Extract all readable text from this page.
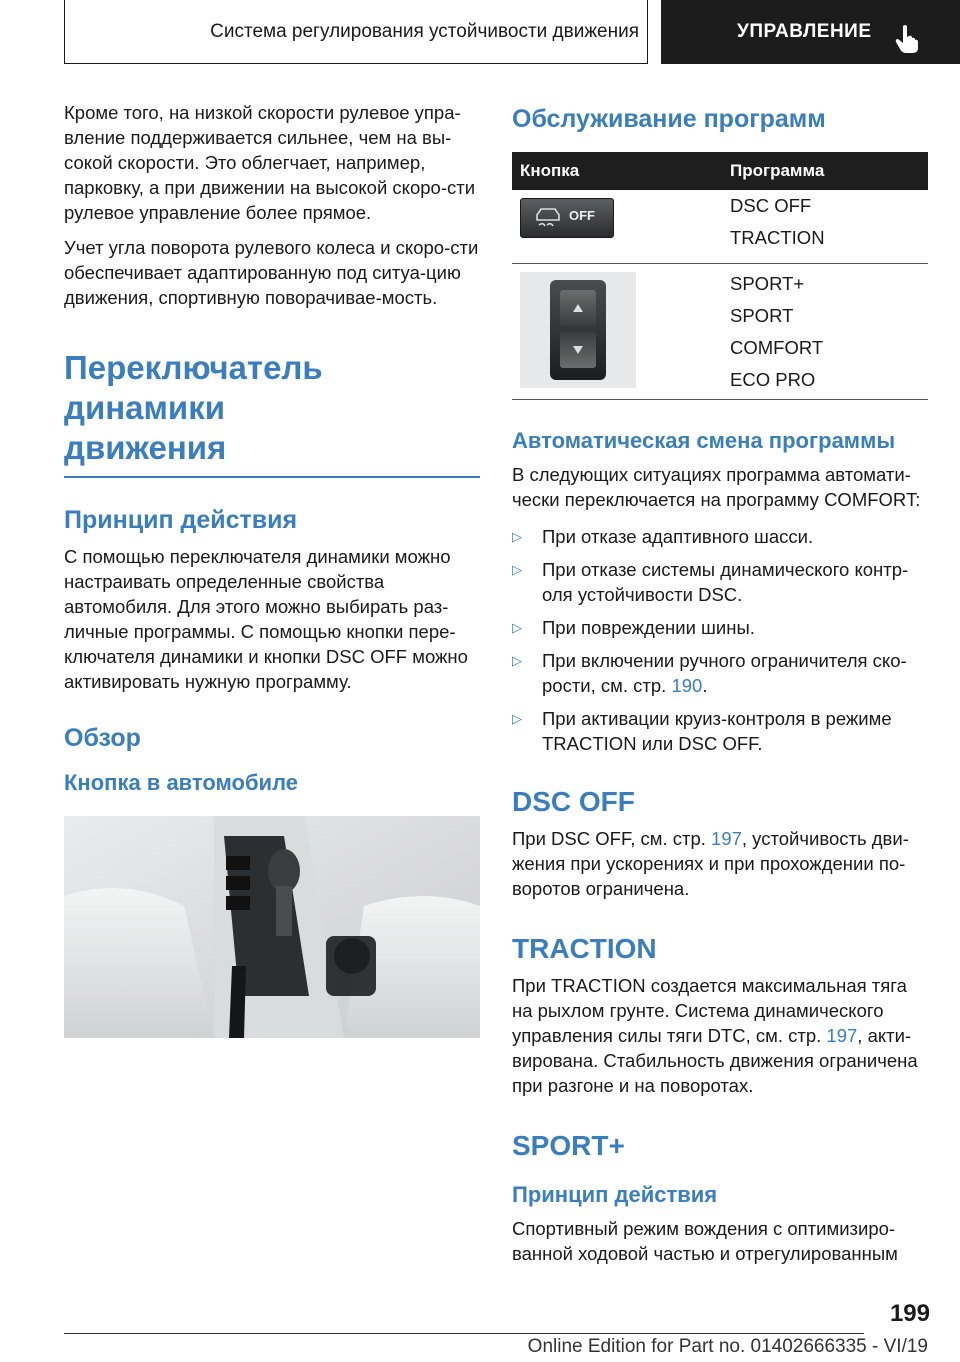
Система регулирования устойчивости движения	УПРАВЛЕНИЕ

Кроме того, на низкой скорости рулевое упра-вление поддерживается сильнее, чем на вы-сокой скорости. Это облегчает, например, парковку, а при движении на высокой скоро-сти рулевое управление более прямое.

Учет угла поворота рулевого колеса и скоро-сти обеспечивает адаптированную под ситуа-цию движения, спортивную поворачивае-мость.

Переключатель динамики
движения
Принцип действия

С помощью переключателя динамики можно настраивать определенные свойства автомобиля. Для этого можно выбирать раз-личные программы. С помощью кнопки пере-ключателя динамики и кнопки DSC OFF можно активировать нужную программу.

Обзор
Кнопка в автомобиле
Обслуживание программ
Кнопка	Программа

OFF	DSC OFF
TRACTION

SPORT+
SPORT
COMFORT
ECO PRO
Автоматическая смена программы

В следующих ситуациях программа автомати-чески переключается на программу COMFORT:

▷	При отказе адаптивного шасси.
▷	При отказе системы динамического контр-оля устойчивости DSC.
▷	При повреждении шины.
▷	При включении ручного ограничителя ско-рости, см. стр. 190.
▷	При активации круиз-контроля в режиме TRACTION или DSC OFF.
DSC OFF

При DSC OFF, см. стр. 197, устойчивость дви-жения при ускорениях и при прохождении по-воротов ограничена.

TRACTION

При TRACTION создается максимальная тяга на рыхлом грунте. Система динамического управления силы тяги DTC, см. стр. 197, акти-вирована. Стабильность движения ограничена при разгоне и на поворотах.

SPORT+
Принцип действия

Спортивный режим вождения с оптимизиро-ванной ходовой частью и отрегулированным

199
Online Edition for Part no. 01402666335 - VI/19
